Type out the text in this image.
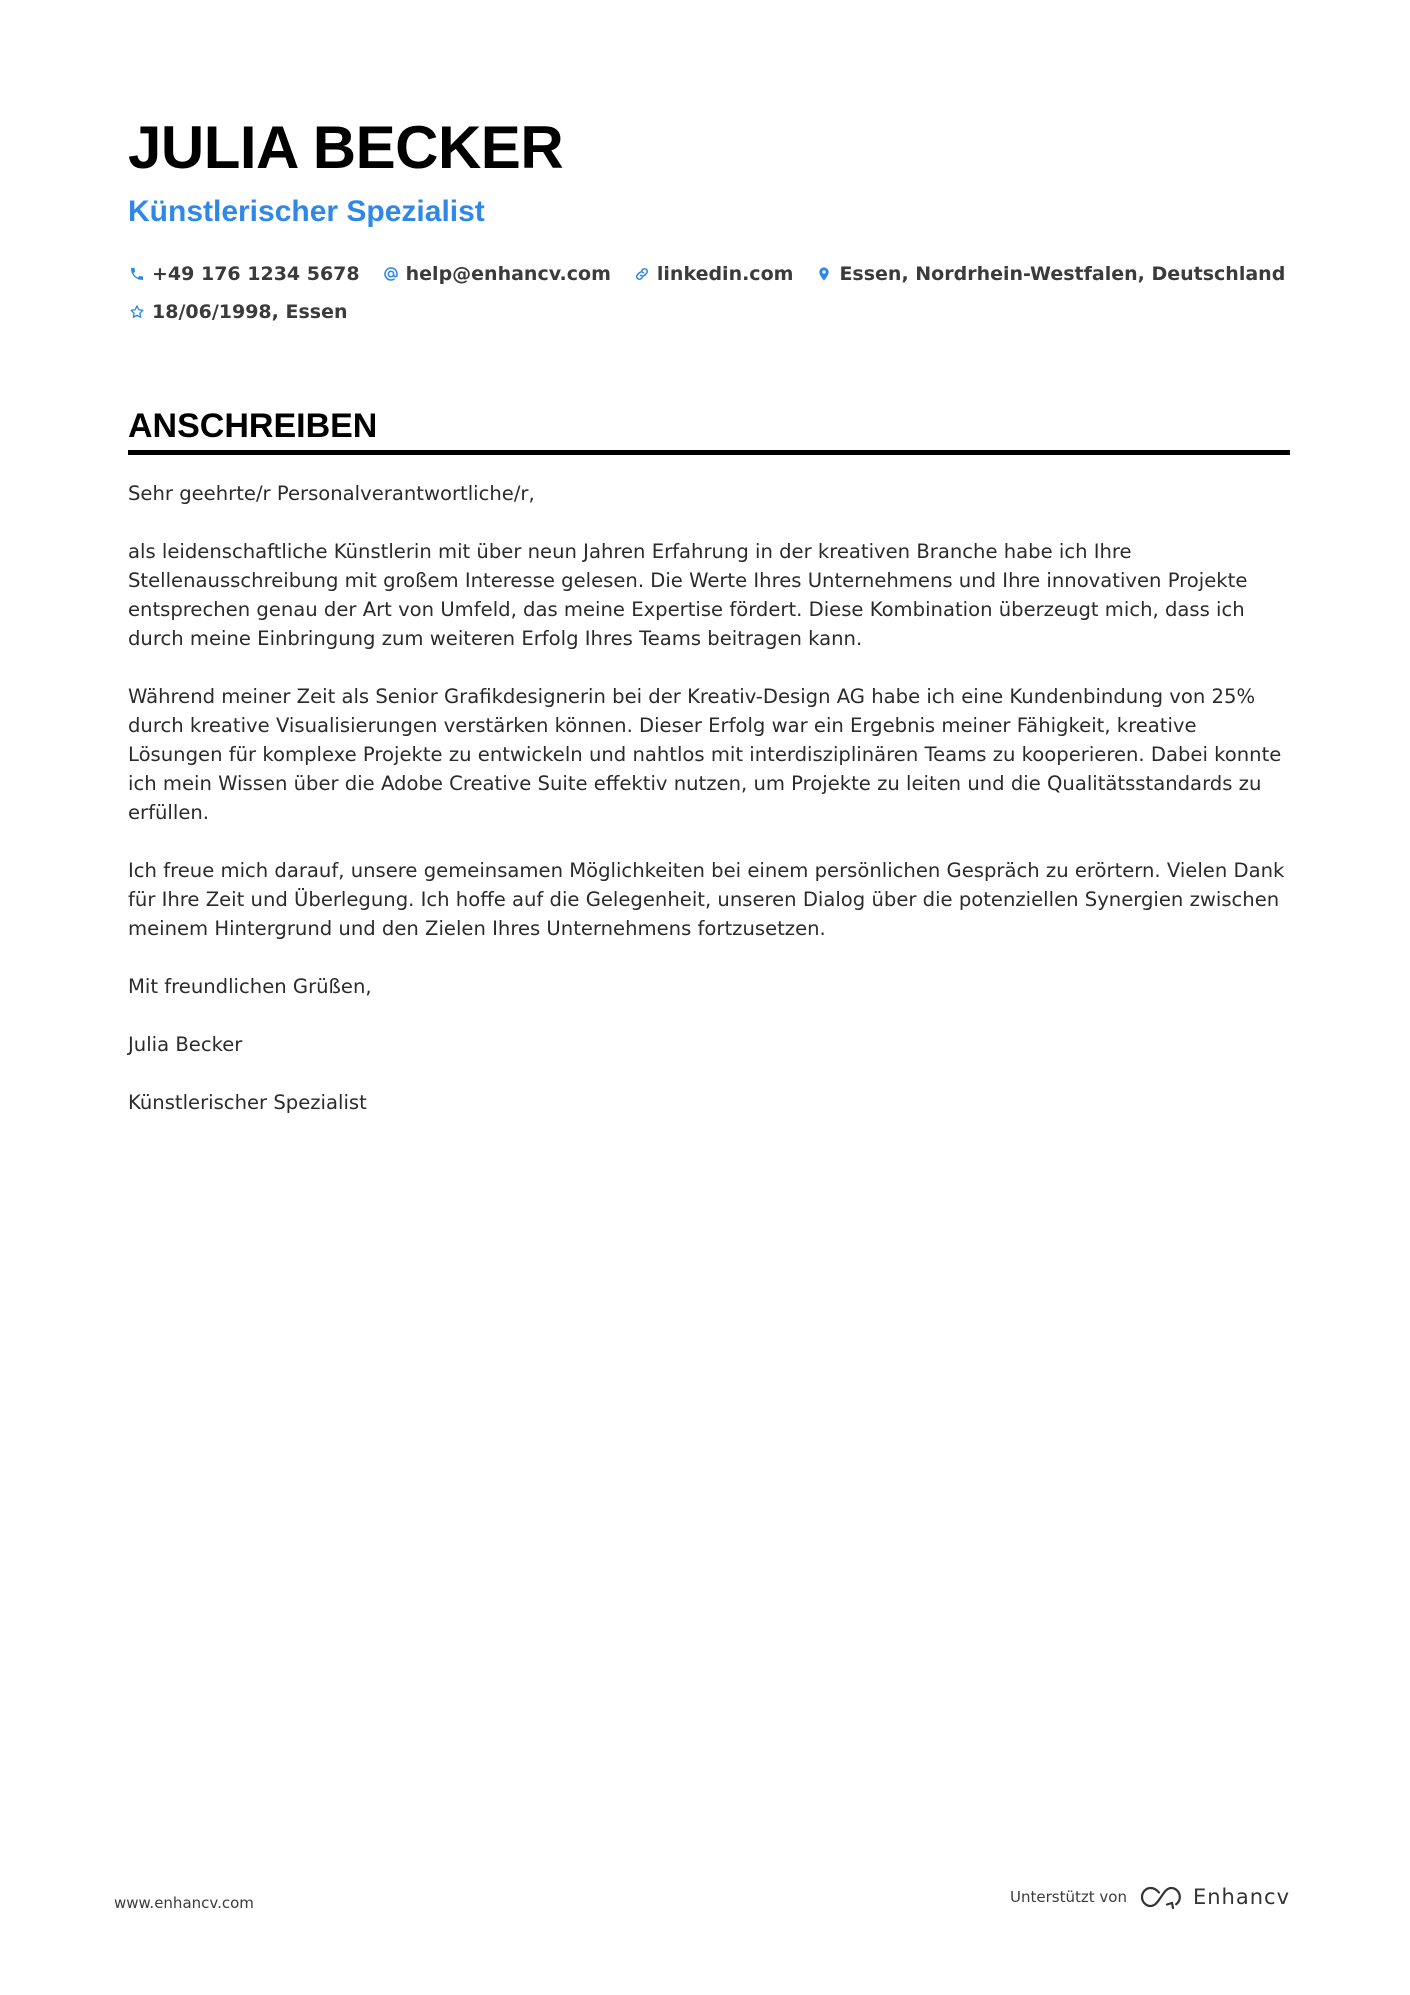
JULIA BECKER
Künstlerischer Spezialist
+49 176 1234 5678 help@enhancv.com linkedin.com Essen, Nordrhein-Westfalen, Deutschland
18/06/1998, Essen
ANSCHREIBEN

Sehr geehrte/r Personalverantwortliche/r,

als leidenschaftliche Künstlerin mit über neun Jahren Erfahrung in der kreativen Branche habe ich Ihre Stellenausschreibung mit großem Interesse gelesen. Die Werte Ihres Unternehmens und Ihre innovativen Projekte entsprechen genau der Art von Umfeld, das meine Expertise fördert. Diese Kombination überzeugt mich, dass ich durch meine Einbringung zum weiteren Erfolg Ihres Teams beitragen kann.

Während meiner Zeit als Senior Grafikdesignerin bei der Kreativ-Design AG habe ich eine Kundenbindung von 25% durch kreative Visualisierungen verstärken können. Dieser Erfolg war ein Ergebnis meiner Fähigkeit, kreative Lösungen für komplexe Projekte zu entwickeln und nahtlos mit interdisziplinären Teams zu kooperieren. Dabei konnte ich mein Wissen über die Adobe Creative Suite effektiv nutzen, um Projekte zu leiten und die Qualitätsstandards zu erfüllen.

Ich freue mich darauf, unsere gemeinsamen Möglichkeiten bei einem persönlichen Gespräch zu erörtern. Vielen Dank für Ihre Zeit und Überlegung. Ich hoffe auf die Gelegenheit, unseren Dialog über die potenziellen Synergien zwischen meinem Hintergrund und den Zielen Ihres Unternehmens fortzusetzen.

Mit freundlichen Grüßen,

Julia Becker

Künstlerischer Spezialist

www.enhancv.com	Unterstützt von	Enhancv
